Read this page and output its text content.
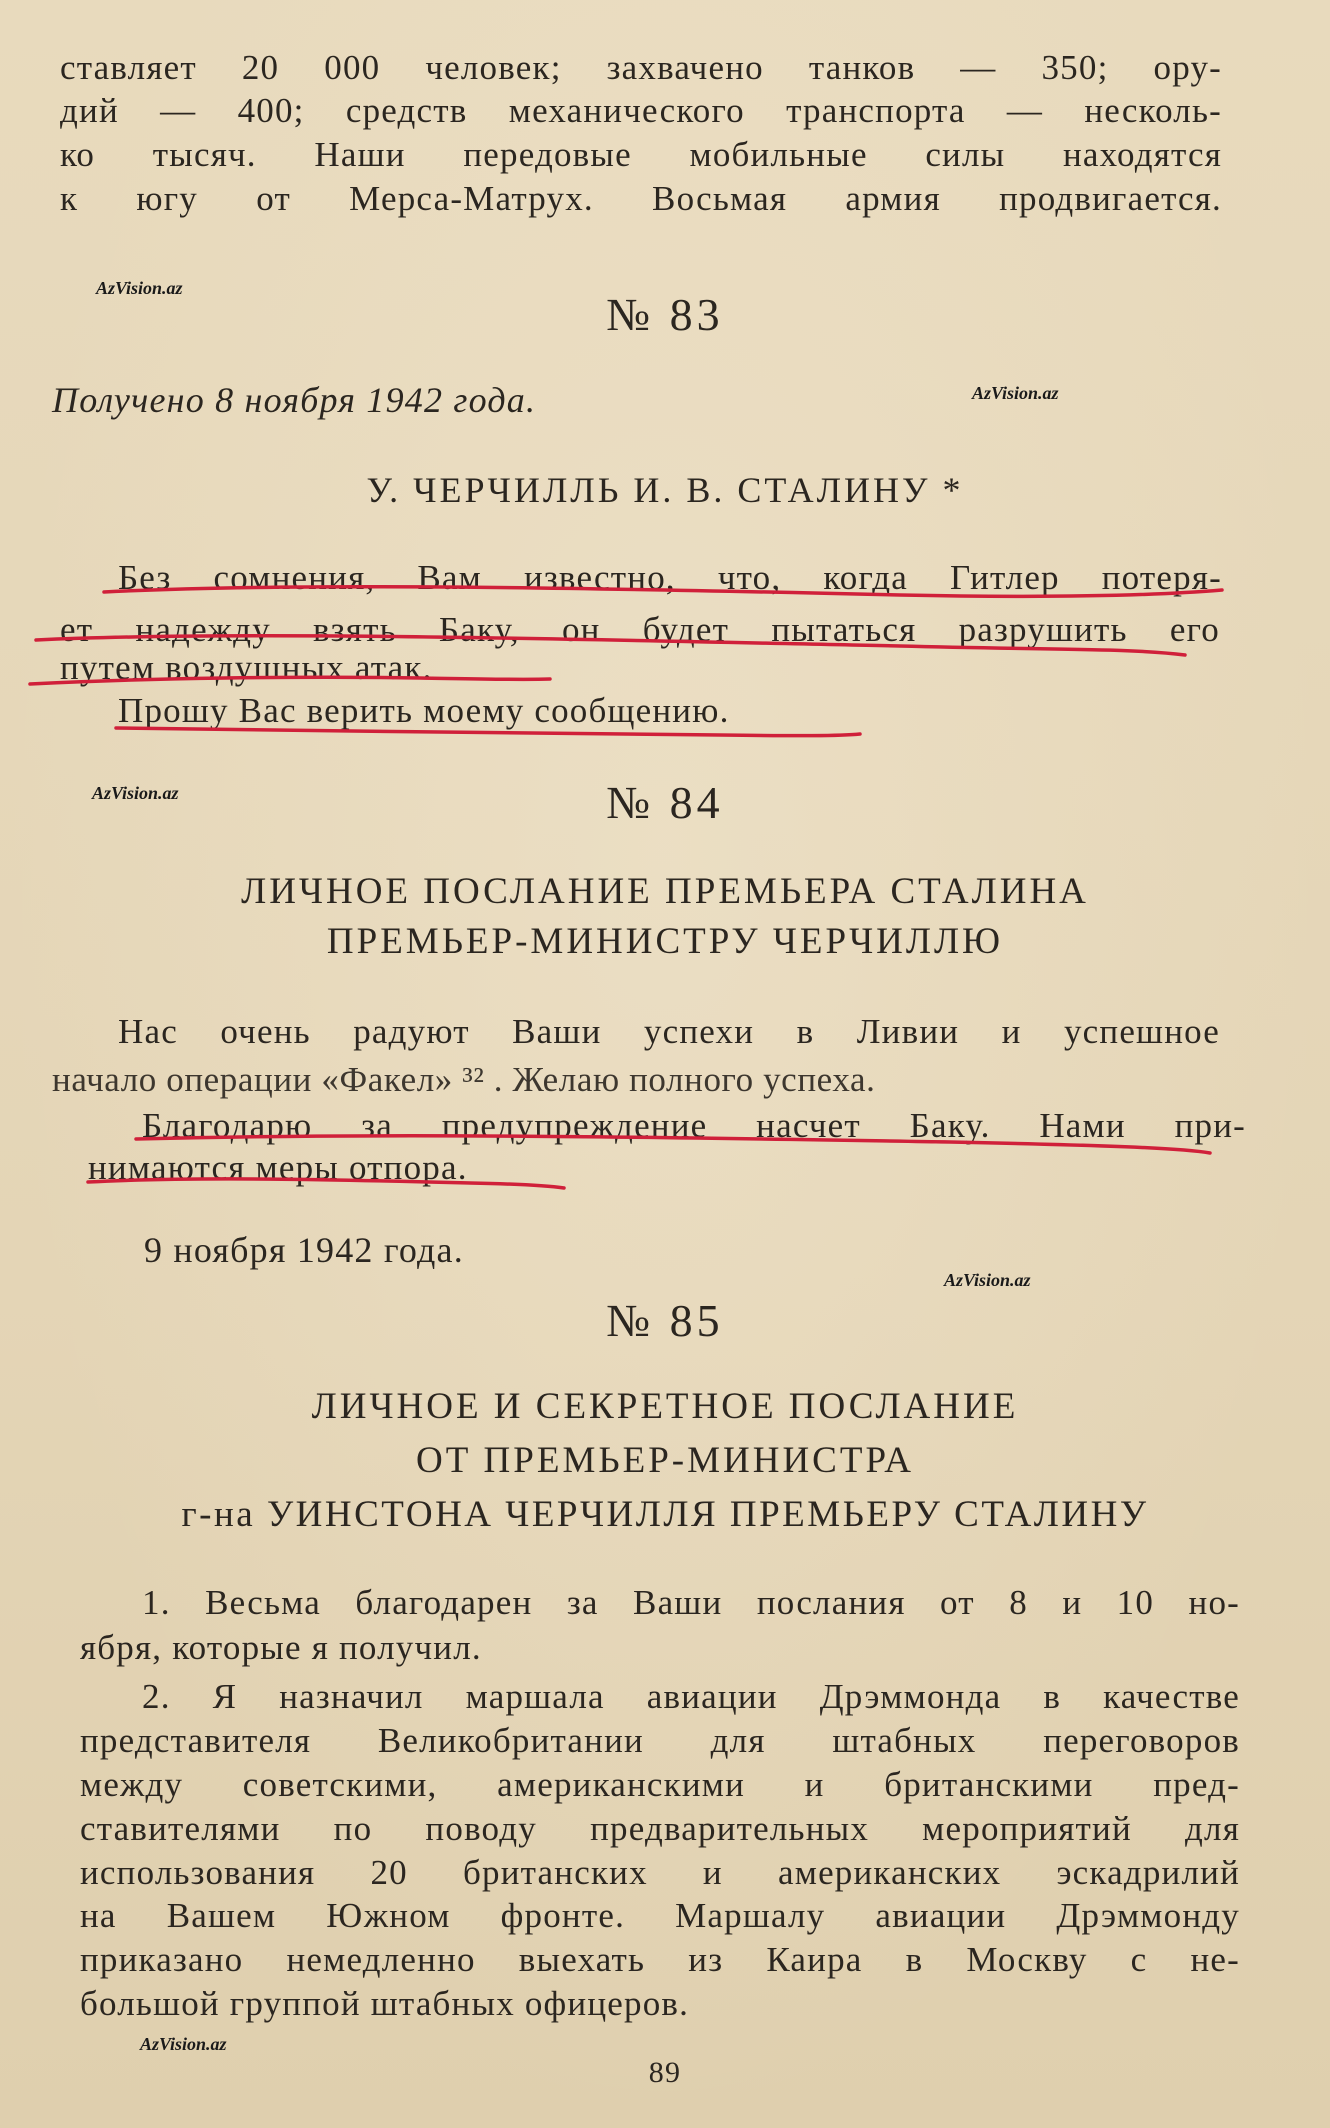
ставляет 20 000 человек; захвачено танков — 350; ору-
дий — 400; средств механического транспорта — несколь-
ко тысяч. Наши передовые мобильные силы находятся
к югу от Мерса-Матрух. Восьмая армия продвигается.
AzVision.az
№ 83
Получено 8 ноября 1942 года.	AzVision.az
У. ЧЕРЧИЛЛЬ И. В. СТАЛИНУ *
Без сомнения, Вам известно, что, когда Гитлер потеря-
ет надежду взять Баку, он будет пытаться разрушить его
путем воздушных атак.
Прошу Вас верить моему сообщению.
AzVision.az	№ 84
ЛИЧНОЕ ПОСЛАНИЕ ПРЕМЬЕРА СТАЛИНА
ПРЕМЬЕР-МИНИСТРУ ЧЕРЧИЛЛЮ
Нас очень радуют Ваши успехи в Ливии и успешное
начало операции «Факел» ³² . Желаю полного успеха.
Благодарю за предупреждение насчет Баку. Нами при-
нимаются меры отпора.
9 ноября 1942 года.
AzVision.az
№ 85
ЛИЧНОЕ И СЕКРЕТНОЕ ПОСЛАНИЕ
ОТ ПРЕМЬЕР-МИНИСТРА
г-на УИНСТОНА ЧЕРЧИЛЛЯ ПРЕМЬЕРУ СТАЛИНУ
1. Весьма благодарен за Ваши послания от 8 и 10 но-
ября, которые я получил.
2. Я назначил маршала авиации Дрэммонда в качестве
представителя Великобритании для штабных переговоров
между советскими, американскими и британскими пред-
ставителями по поводу предварительных мероприятий для
использования 20 британских и американских эскадрилий
на Вашем Южном фронте. Маршалу авиации Дрэммонду
приказано немедленно выехать из Каира в Москву с не-
большой группой штабных офицеров.
AzVision.az
89
